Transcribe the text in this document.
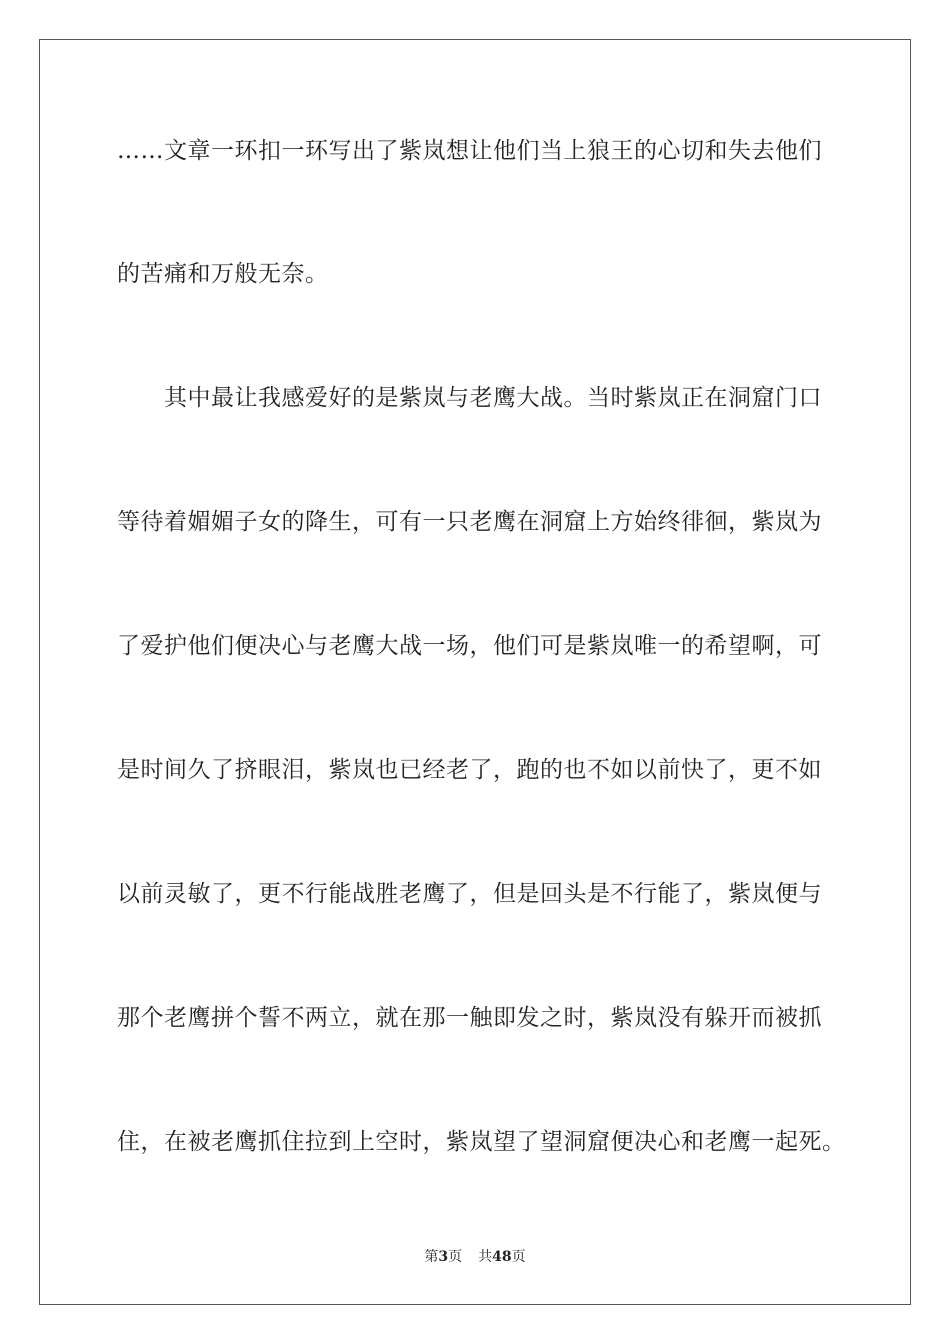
……文章一环扣一环写出了紫岚想让他们当上狼王的心切和失去他们
的苦痛和万般无奈。
其中最让我感爱好的是紫岚与老鹰大战。当时紫岚正在洞窟门口
等待着媚媚子女的降生，可有一只老鹰在洞窟上方始终徘徊，紫岚为
了爱护他们便决心与老鹰大战一场，他们可是紫岚唯一的希望啊，可
是时间久了挤眼泪，紫岚也已经老了，跑的也不如以前快了，更不如
以前灵敏了，更不行能战胜老鹰了，但是回头是不行能了，紫岚便与
那个老鹰拼个誓不两立，就在那一触即发之时，紫岚没有躲开而被抓
住，在被老鹰抓住拉到上空时，紫岚望了望洞窟便决心和老鹰一起死。
第3页 共48页
